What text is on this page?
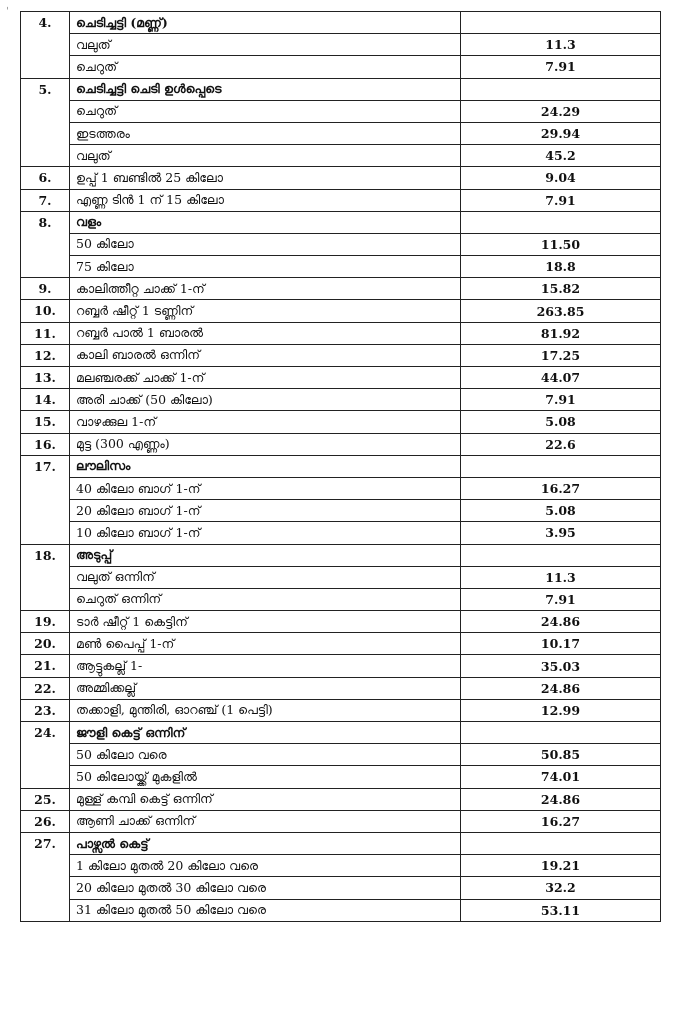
ˌ
4.	ചെടിച്ചട്ടി (മണ്ണ്)	
	വലുത്	11.3
	ചെറുത്	7.91
5.	ചെടിച്ചട്ടി ചെടി ഉൾപ്പെടെ	
	ചെറുത്	24.29
	ഇടത്തരം	29.94
	വലുത്	45.2
6.	ഉപ്പ് 1 ബണ്ടിൽ 25 കിലോ	9.04
7.	എണ്ണ ടിൻ 1 ന് 15 കിലോ	7.91
8.	വളം	
	50 കിലോ	11.50
	75 കിലോ	18.8
9.	കാലിത്തീറ്റ ചാക്ക് 1-ന്	15.82
10.	റബ്ബർ ഷീറ്റ് 1 ടണ്ണിന്	263.85
11.	റബ്ബർ പാൽ 1 ബാരൽ	81.92
12.	കാലി ബാരൽ ഒന്നിന്	17.25
13.	മലഞ്ചരക്ക് ചാക്ക് 1-ന്	44.07
14.	അരി ചാക്ക് (50 കിലോ)	7.91
15.	വാഴക്കുല 1-ന്	5.08
16.	മുട്ട (300 എണ്ണം)	22.6
17.	ലൗലിസം	
	40 കിലോ ബാഗ് 1-ന്	16.27
	20 കിലോ ബാഗ് 1-ന്	5.08
	10 കിലോ ബാഗ് 1-ന്	3.95
18.	അടുപ്പ്	
	വലുത് ഒന്നിന്	11.3
	ചെറുത് ഒന്നിന്	7.91
19.	ടാർ ഷീറ്റ് 1 കെട്ടിന്	24.86
20.	മൺ പൈപ്പ് 1-ന്	10.17
21.	ആട്ടുകല്ല് 1-	35.03
22.	അമ്മിക്കല്ല്	24.86
23.	തക്കാളി, മുന്തിരി, ഓറഞ്ച് (1 പെട്ടി)	12.99
24.	ജൗളി കെട്ട് ഒന്നിന്	
	50 കിലോ വരെ	50.85
	50 കിലോയ്ക്ക് മുകളിൽ	74.01
25.	മുള്ള് കമ്പി കെട്ട് ഒന്നിന്	24.86
26.	ആണി ചാക്ക് ഒന്നിന്	16.27
27.	പാഴ്സൽ കെട്ട്	
	1 കിലോ മുതൽ 20 കിലോ വരെ	19.21
	20 കിലോ മുതൽ 30 കിലോ വരെ	32.2
	31 കിലോ മുതൽ 50 കിലോ വരെ	53.11
